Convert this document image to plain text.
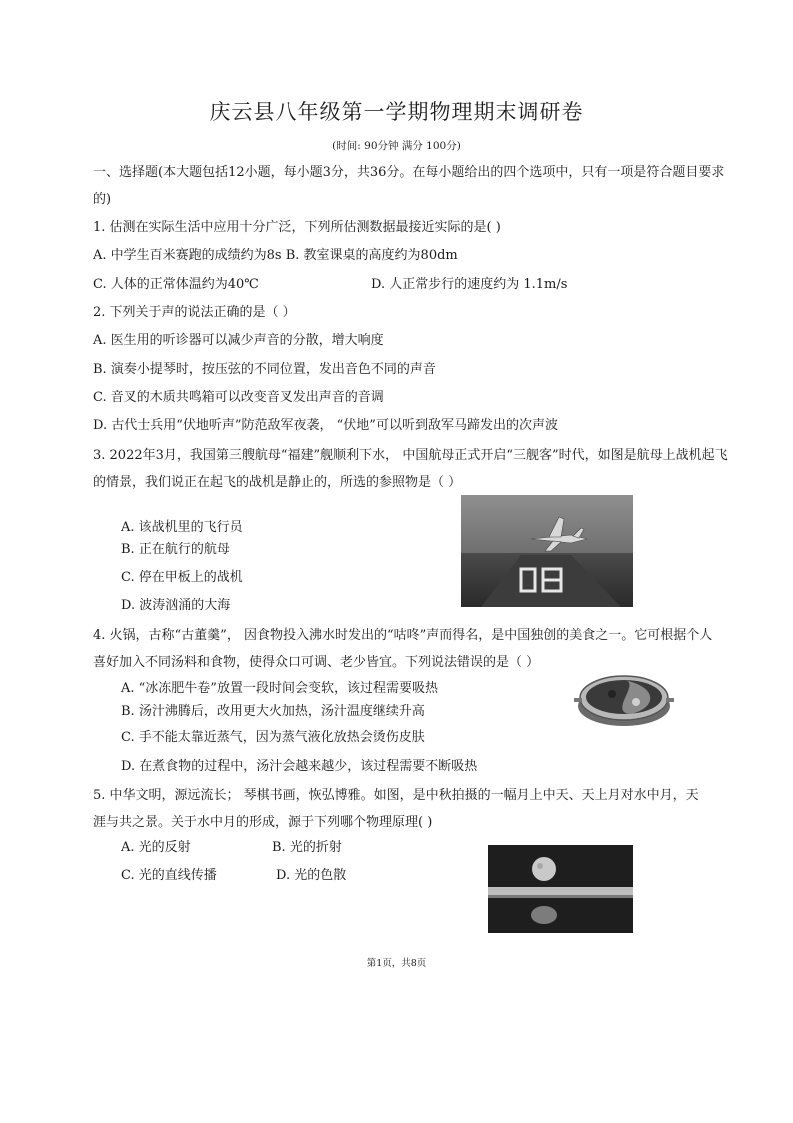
庆云县八年级第一学期物理期末调研卷
(时间: 90分钟 满分 100分)
一、选择题(本大题包括12小题，每小题3分，共36分。在每小题给出的四个选项中，只有一项是符合题目要求
的)
1. 估测在实际生活中应用十分广泛，下列所估测数据最接近实际的是( )
A. 中学生百米赛跑的成绩约为8s B. 教室课桌的高度约为80dm
C. 人体的正常体温约为40℃	D. 人正常步行的速度约为 1.1m/s
2. 下列关于声的说法正确的是（ ）
A. 医生用的听诊器可以减少声音的分散，增大响度
B. 演奏小提琴时，按压弦的不同位置，发出音色不同的声音
C. 音叉的木质共鸣箱可以改变音叉发出声音的音调
D. 古代士兵用“伏地听声”防范敌军夜袭， “伏地”可以听到敌军马蹄发出的次声波
3. 2022年3月，我国第三艘航母“福建”舰顺利下水， 中国航母正式开启“三舰客”时代，如图是航母上战机起飞
的情景，我们说正在起飞的战机是静止的，所选的参照物是（ ）
A. 该战机里的飞行员
B. 正在航行的航母
C. 停在甲板上的战机
D. 波涛汹涌的大海
4. 火锅，古称“古董羹”， 因食物投入沸水时发出的“咕咚”声而得名，是中国独创的美食之一。它可根据个人
喜好加入不同汤料和食物，使得众口可调、老少皆宜。下列说法错误的是（ ）
A. “冰冻肥牛卷”放置一段时间会变软，该过程需要吸热
B. 汤汁沸腾后，改用更大火加热，汤汁温度继续升高
C. 手不能太靠近蒸气，因为蒸气液化放热会烫伤皮肤
D. 在煮食物的过程中，汤汁会越来越少，该过程需要不断吸热
5. 中华文明，源远流长； 琴棋书画，恢弘博雅。如图，是中秋拍摄的一幅月上中天、天上月对水中月，天
涯与共之景。关于水中月的形成，源于下列哪个物理原理( )
A. 光的反射	B. 光的折射
C. 光的直线传播	D. 光的色散
第1页，共8页
